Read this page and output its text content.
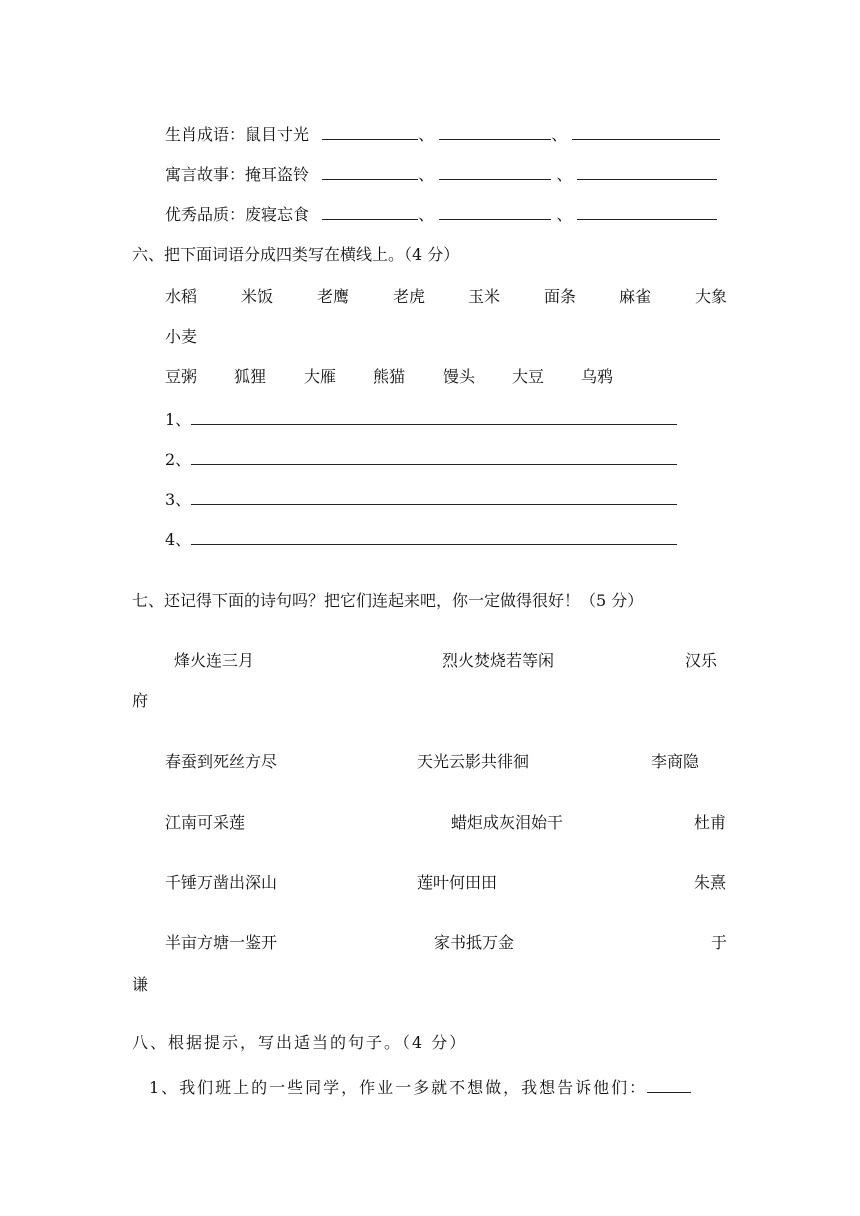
生肖成语：鼠目寸光	、	、
寓言故事：掩耳盗铃	、	、
优秀品质：废寝忘食	、	、
六、把下面词语分成四类写在横线上。（4 分）
水稻	米饭	老鹰	老虎	玉米	面条	麻雀	大象
小麦
豆粥 狐狸 大雁 熊猫 馒头 大豆 乌鸦
1、
2、
3、
4、
七、还记得下面的诗句吗？把它们连起来吧，你一定做得很好！（5 分）
烽火连三月	烈火焚烧若等闲	汉乐
府
春蚕到死丝方尽	天光云影共徘徊	李商隐
江南可采莲	蜡炬成灰泪始干	杜甫
千锤万凿出深山	莲叶何田田	朱熹
半亩方塘一鉴开	家书抵万金	于
谦
八、根据提示，写出适当的句子。（4 分）
1、我们班上的一些同学，作业一多就不想做，我想告诉他们：
